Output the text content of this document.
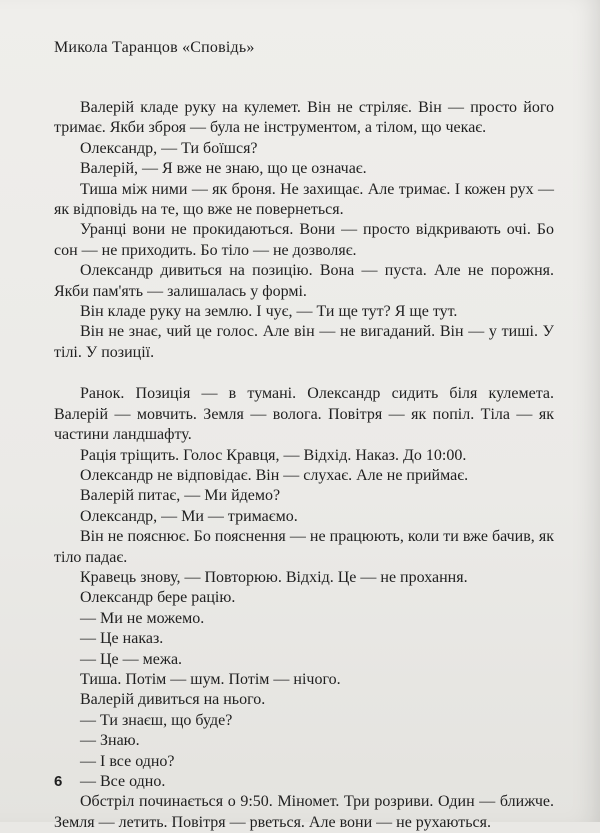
Микола Таранцов «Сповідь»

Валерій кладе руку на кулемет. Він не стріляє. Він — просто його тримає. Якби зброя — була не інструментом, а тілом, що чекає.

Олександр, — Ти боїшся?

Валерій, — Я вже не знаю, що це означає.

Тиша між ними — як броня. Не захищає. Але тримає. І кожен рух — як відповідь на те, що вже не повернеться.

Уранці вони не прокидаються. Вони — просто відкривають очі. Бо сон — не приходить. Бо тіло — не дозволяє.

Олександр дивиться на позицію. Вона — пуста. Але не порожня. Якби пам'ять — залишалась у формі.

Він кладе руку на землю. І чує, — Ти ще тут? Я ще тут.

Він не знає, чий це голос. Але він — не вигаданий. Він — у тиші. У тілі. У позиції.

Ранок. Позиція — в тумані. Олександр сидить біля кулемета. Валерій — мовчить. Земля — волога. Повітря — як попіл. Тіла — як частини ландшафту.

Рація тріщить. Голос Кравця, — Відхід. Наказ. До 10:00.

Олександр не відповідає. Він — слухає. Але не приймає.

Валерій питає, — Ми йдемо?

Олександр, — Ми — тримаємо.

Він не пояснює. Бо пояснення — не працюють, коли ти вже бачив, як тіло падає.

Кравець знову, — Повторюю. Відхід. Це — не прохання.

Олександр бере рацію.

— Ми не можемо.

— Це наказ.

— Це — межа.

Тиша. Потім — шум. Потім — нічого.

Валерій дивиться на нього.

— Ти знаєш, що буде?

— Знаю.

— І все одно?

— Все одно.

Обстріл починається о 9:50. Міномет. Три розриви. Один — ближче. Земля — летить. Повітря — рветься. Але вони — не рухаються.

6
